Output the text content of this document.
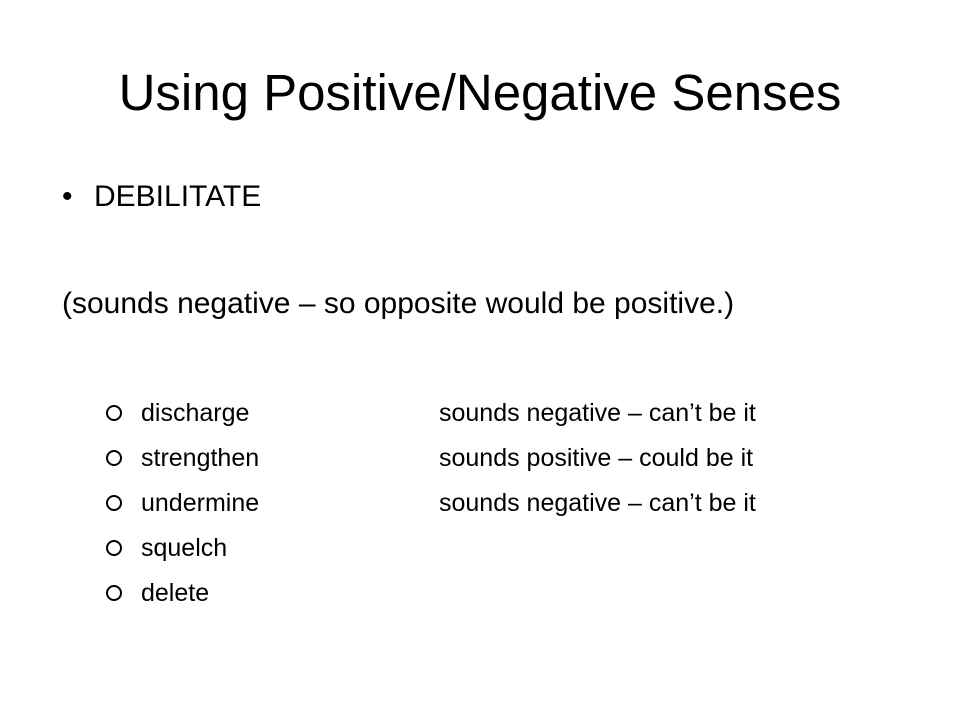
Using Positive/Negative Senses
• DEBILITATE
(sounds negative – so opposite would be positive.)
discharge	sounds negative – can’t be it
strengthen	sounds positive – could be it
undermine	sounds negative – can’t be it
squelch
delete
